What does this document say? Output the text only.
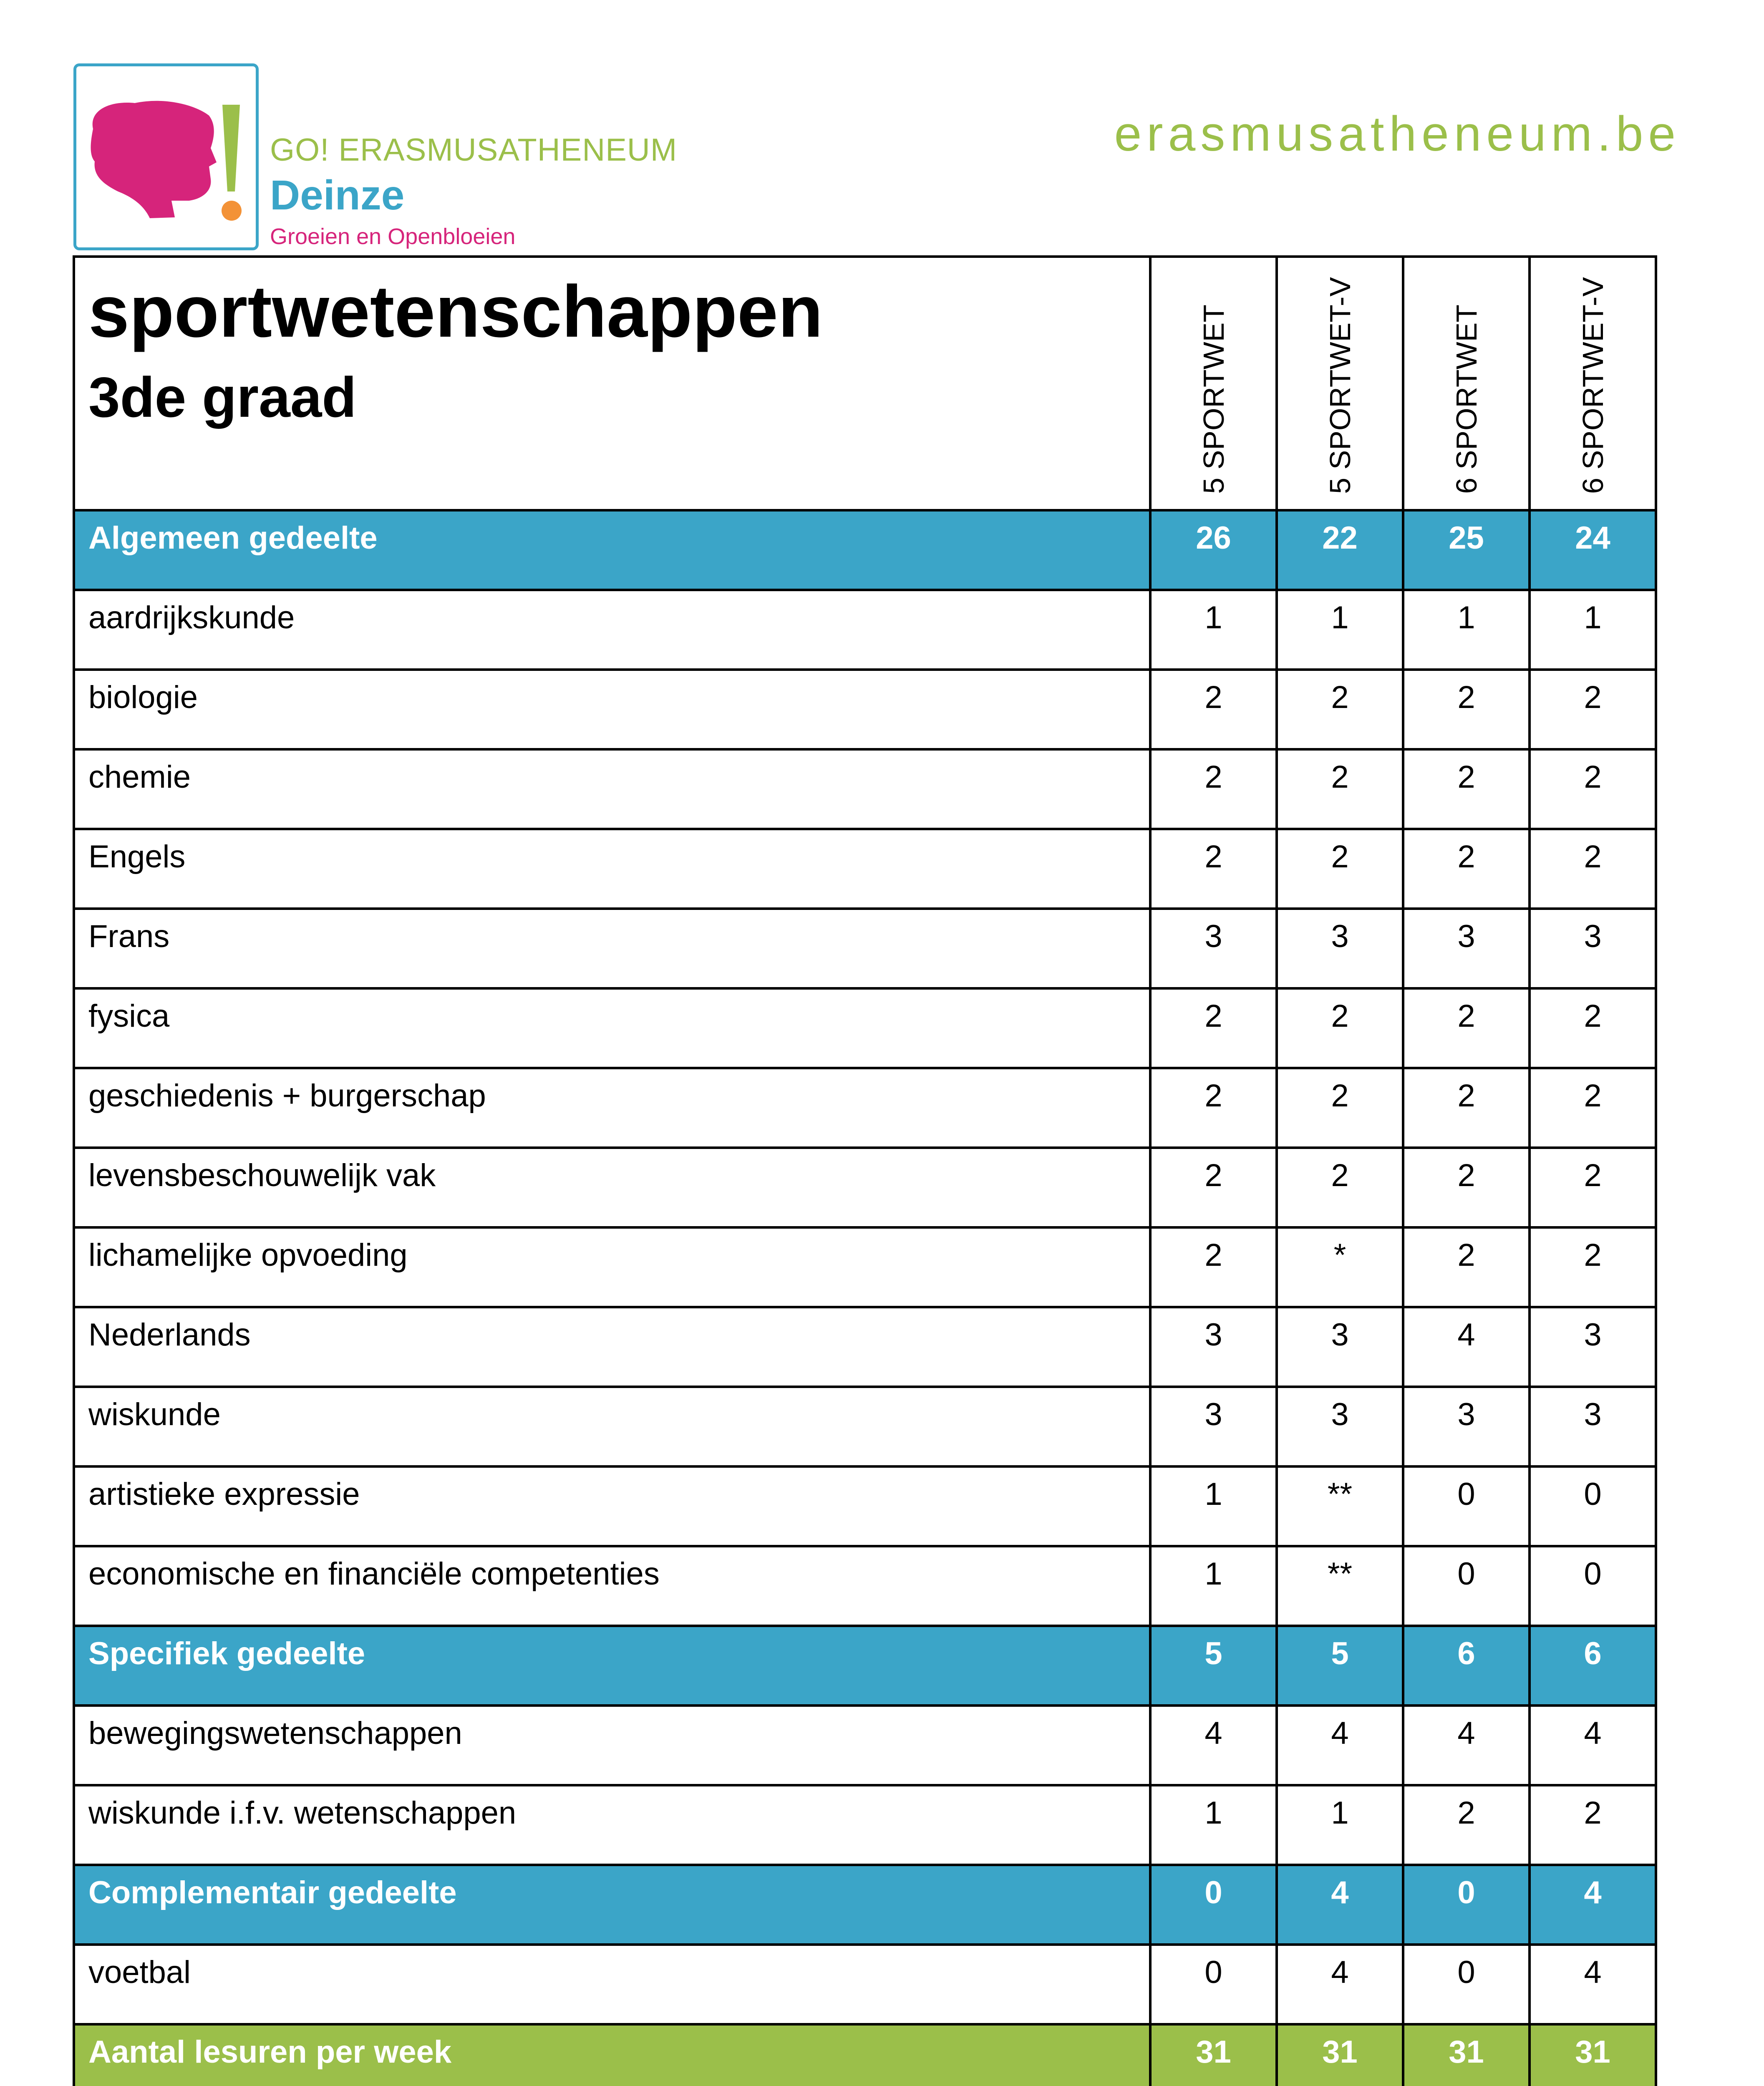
GO! ERASMUSATHENEUM
Deinze
Groeien en Openbloeien
erasmusatheneum.be
sportwetenschappen
3de graad	5 SPORTWET	5 SPORTWET-V	6 SPORTWET	6 SPORTWET-V

Algemeen gedeelte	26	22	25	24
aardrijkskunde	1	1	1	1
biologie	2	2	2	2
chemie	2	2	2	2
Engels	2	2	2	2
Frans	3	3	3	3
fysica	2	2	2	2
geschiedenis + burgerschap	2	2	2	2
levensbeschouwelijk vak	2	2	2	2
lichamelijke opvoeding	2	*	2	2
Nederlands	3	3	4	3
wiskunde	3	3	3	3
artistieke expressie	1	**	0	0
economische en financiële competenties	1	**	0	0
Specifiek gedeelte	5	5	6	6
bewegingswetenschappen	4	4	4	4
wiskunde i.f.v. wetenschappen	1	1	2	2
Complementair gedeelte	0	4	0	4
voetbal	0	4	0	4
Aantal lesuren per week	31	31	31	31
